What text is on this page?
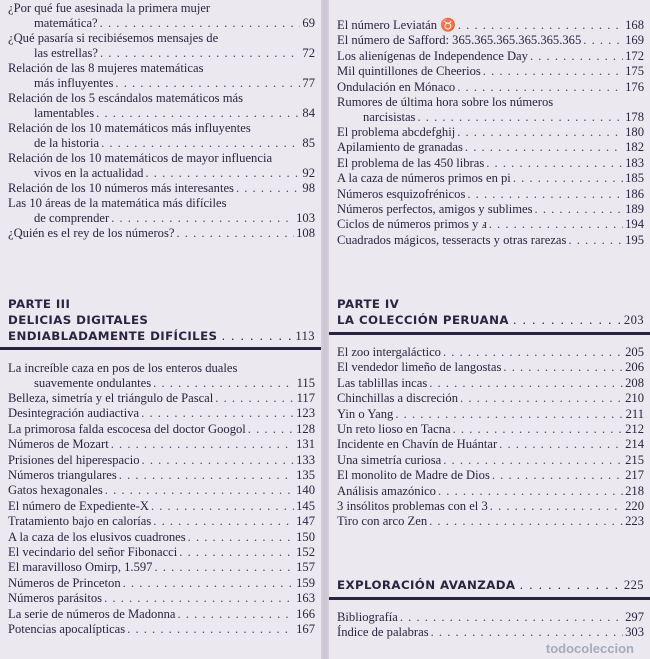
¿Por qué fue asesinada la primera mujer
matemática? . . .	69
¿Qué pasaría si recibiésemos mensajes de
las estrellas? . . .	72
Relación de las 8 mujeres matemáticas
más influyentes . . .	77
Relación de los 5 escándalos matemáticos más
lamentables . . .	84
Relación de los 10 matemáticos más influyentes
de la historia . . .	85
Relación de los 10 matemáticos de mayor influencia
vivos en la actualidad . . .	92
Relación de los 10 números más interesantes . . .	98
Las 10 áreas de la matemática más difíciles
de comprender . . .	103
¿Quién es el rey de los números? . . .	108
PARTE III
DELICIAS DIGITALES
ENDIABLADAMENTE DIFÍCILES . . .	113
La increíble caza en pos de los enteros duales
suavemente ondulantes . . .	115
Belleza, simetría y el triángulo de Pascal . . .	117
Desintegración audiactiva . . .	123
La primorosa falda escocesa del doctor Googol . . .	128
Números de Mozart . . .	131
Prisiones del hiperespacio . . .	133
Números triangulares . . .	135
Gatos hexagonales . . .	140
El número de Expediente-X . . .	145
Tratamiento bajo en calorías . . .	147
A la caza de los elusivos cuadrones . . .	150
El vecindario del señor Fibonacci . . .	152
El maravilloso Omirp, 1.597 . . .	157
Números de Princeton . . .	159
Números parásitos . . .	163
La serie de números de Madonna . . .	166
Potencias apocalípticas . . .	167
El número Leviatán ♉ . . .	168
El número de Safford: 365.365.365.365.365.365 . . .	169
Los alienígenas de Independence Day . . .	172
Mil quintillones de Cheerios . . .	175
Ondulación en Mónaco . . .	176
Rumores de última hora sobre los números
narcisistas . . .	178
El problema abcdefghij . . .	180
Apilamiento de granadas . . .	182
El problema de las 450 libras . . .	183
A la caza de números primos en pi . . .	185
Números esquizofrénicos . . .	186
Números perfectos, amigos y sublimes . . .	189
Ciclos de números primos y ⅎ . . .	194
Cuadrados mágicos, tesseracts y otras rarezas . . .	195
PARTE IV
LA COLECCIÓN PERUANA . . .	203
El zoo intergaláctico . . .	205
El vendedor limeño de langostas . . .	206
Las tablillas incas . . .	208
Chinchillas a discreción . . .	210
Yin o Yang . . .	211
Un reto lioso en Tacna . . .	212
Incidente en Chavín de Huántar . . .	214
Una simetría curiosa . . .	215
El monolito de Madre de Dios . . .	217
Análisis amazónico . . .	218
3 insólitos problemas con el 3 . . .	220
Tiro con arco Zen . . .	223
EXPLORACIÓN AVANZADA . . .	225
Bibliografía . . .	297
Índice de palabras . . .	303
todocoleccion
